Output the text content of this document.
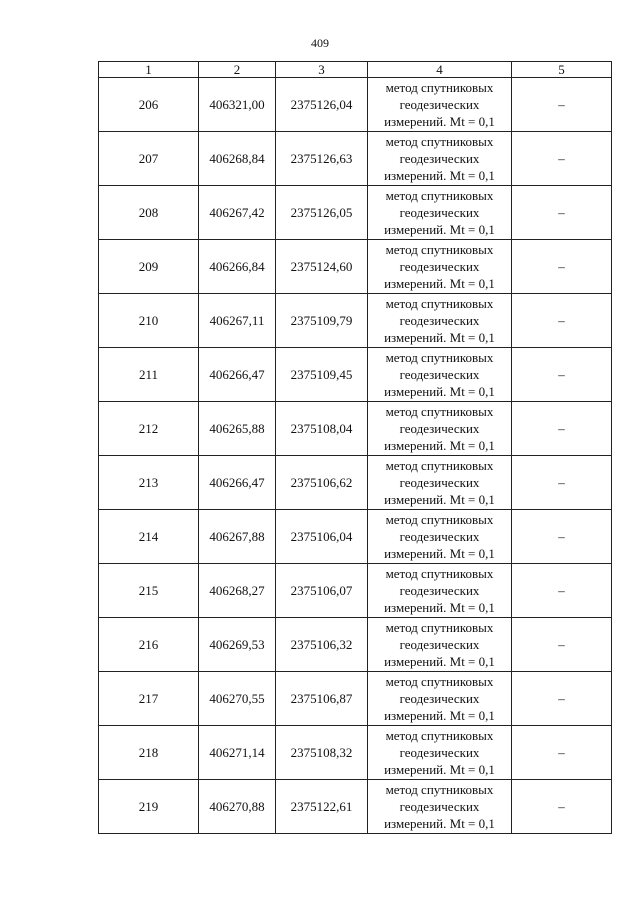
409
1	2	3	4	5
206	406321,00	2375126,04	метод спутниковых
геодезических
измерений. Mt = 0,1	–
207	406268,84	2375126,63	метод спутниковых
геодезических
измерений. Mt = 0,1	–
208	406267,42	2375126,05	метод спутниковых
геодезических
измерений. Mt = 0,1	–
209	406266,84	2375124,60	метод спутниковых
геодезических
измерений. Mt = 0,1	–
210	406267,11	2375109,79	метод спутниковых
геодезических
измерений. Mt = 0,1	–
211	406266,47	2375109,45	метод спутниковых
геодезических
измерений. Mt = 0,1	–
212	406265,88	2375108,04	метод спутниковых
геодезических
измерений. Mt = 0,1	–
213	406266,47	2375106,62	метод спутниковых
геодезических
измерений. Mt = 0,1	–
214	406267,88	2375106,04	метод спутниковых
геодезических
измерений. Mt = 0,1	–
215	406268,27	2375106,07	метод спутниковых
геодезических
измерений. Mt = 0,1	–
216	406269,53	2375106,32	метод спутниковых
геодезических
измерений. Mt = 0,1	–
217	406270,55	2375106,87	метод спутниковых
геодезических
измерений. Mt = 0,1	–
218	406271,14	2375108,32	метод спутниковых
геодезических
измерений. Mt = 0,1	–
219	406270,88	2375122,61	метод спутниковых
геодезических
измерений. Mt = 0,1	–
